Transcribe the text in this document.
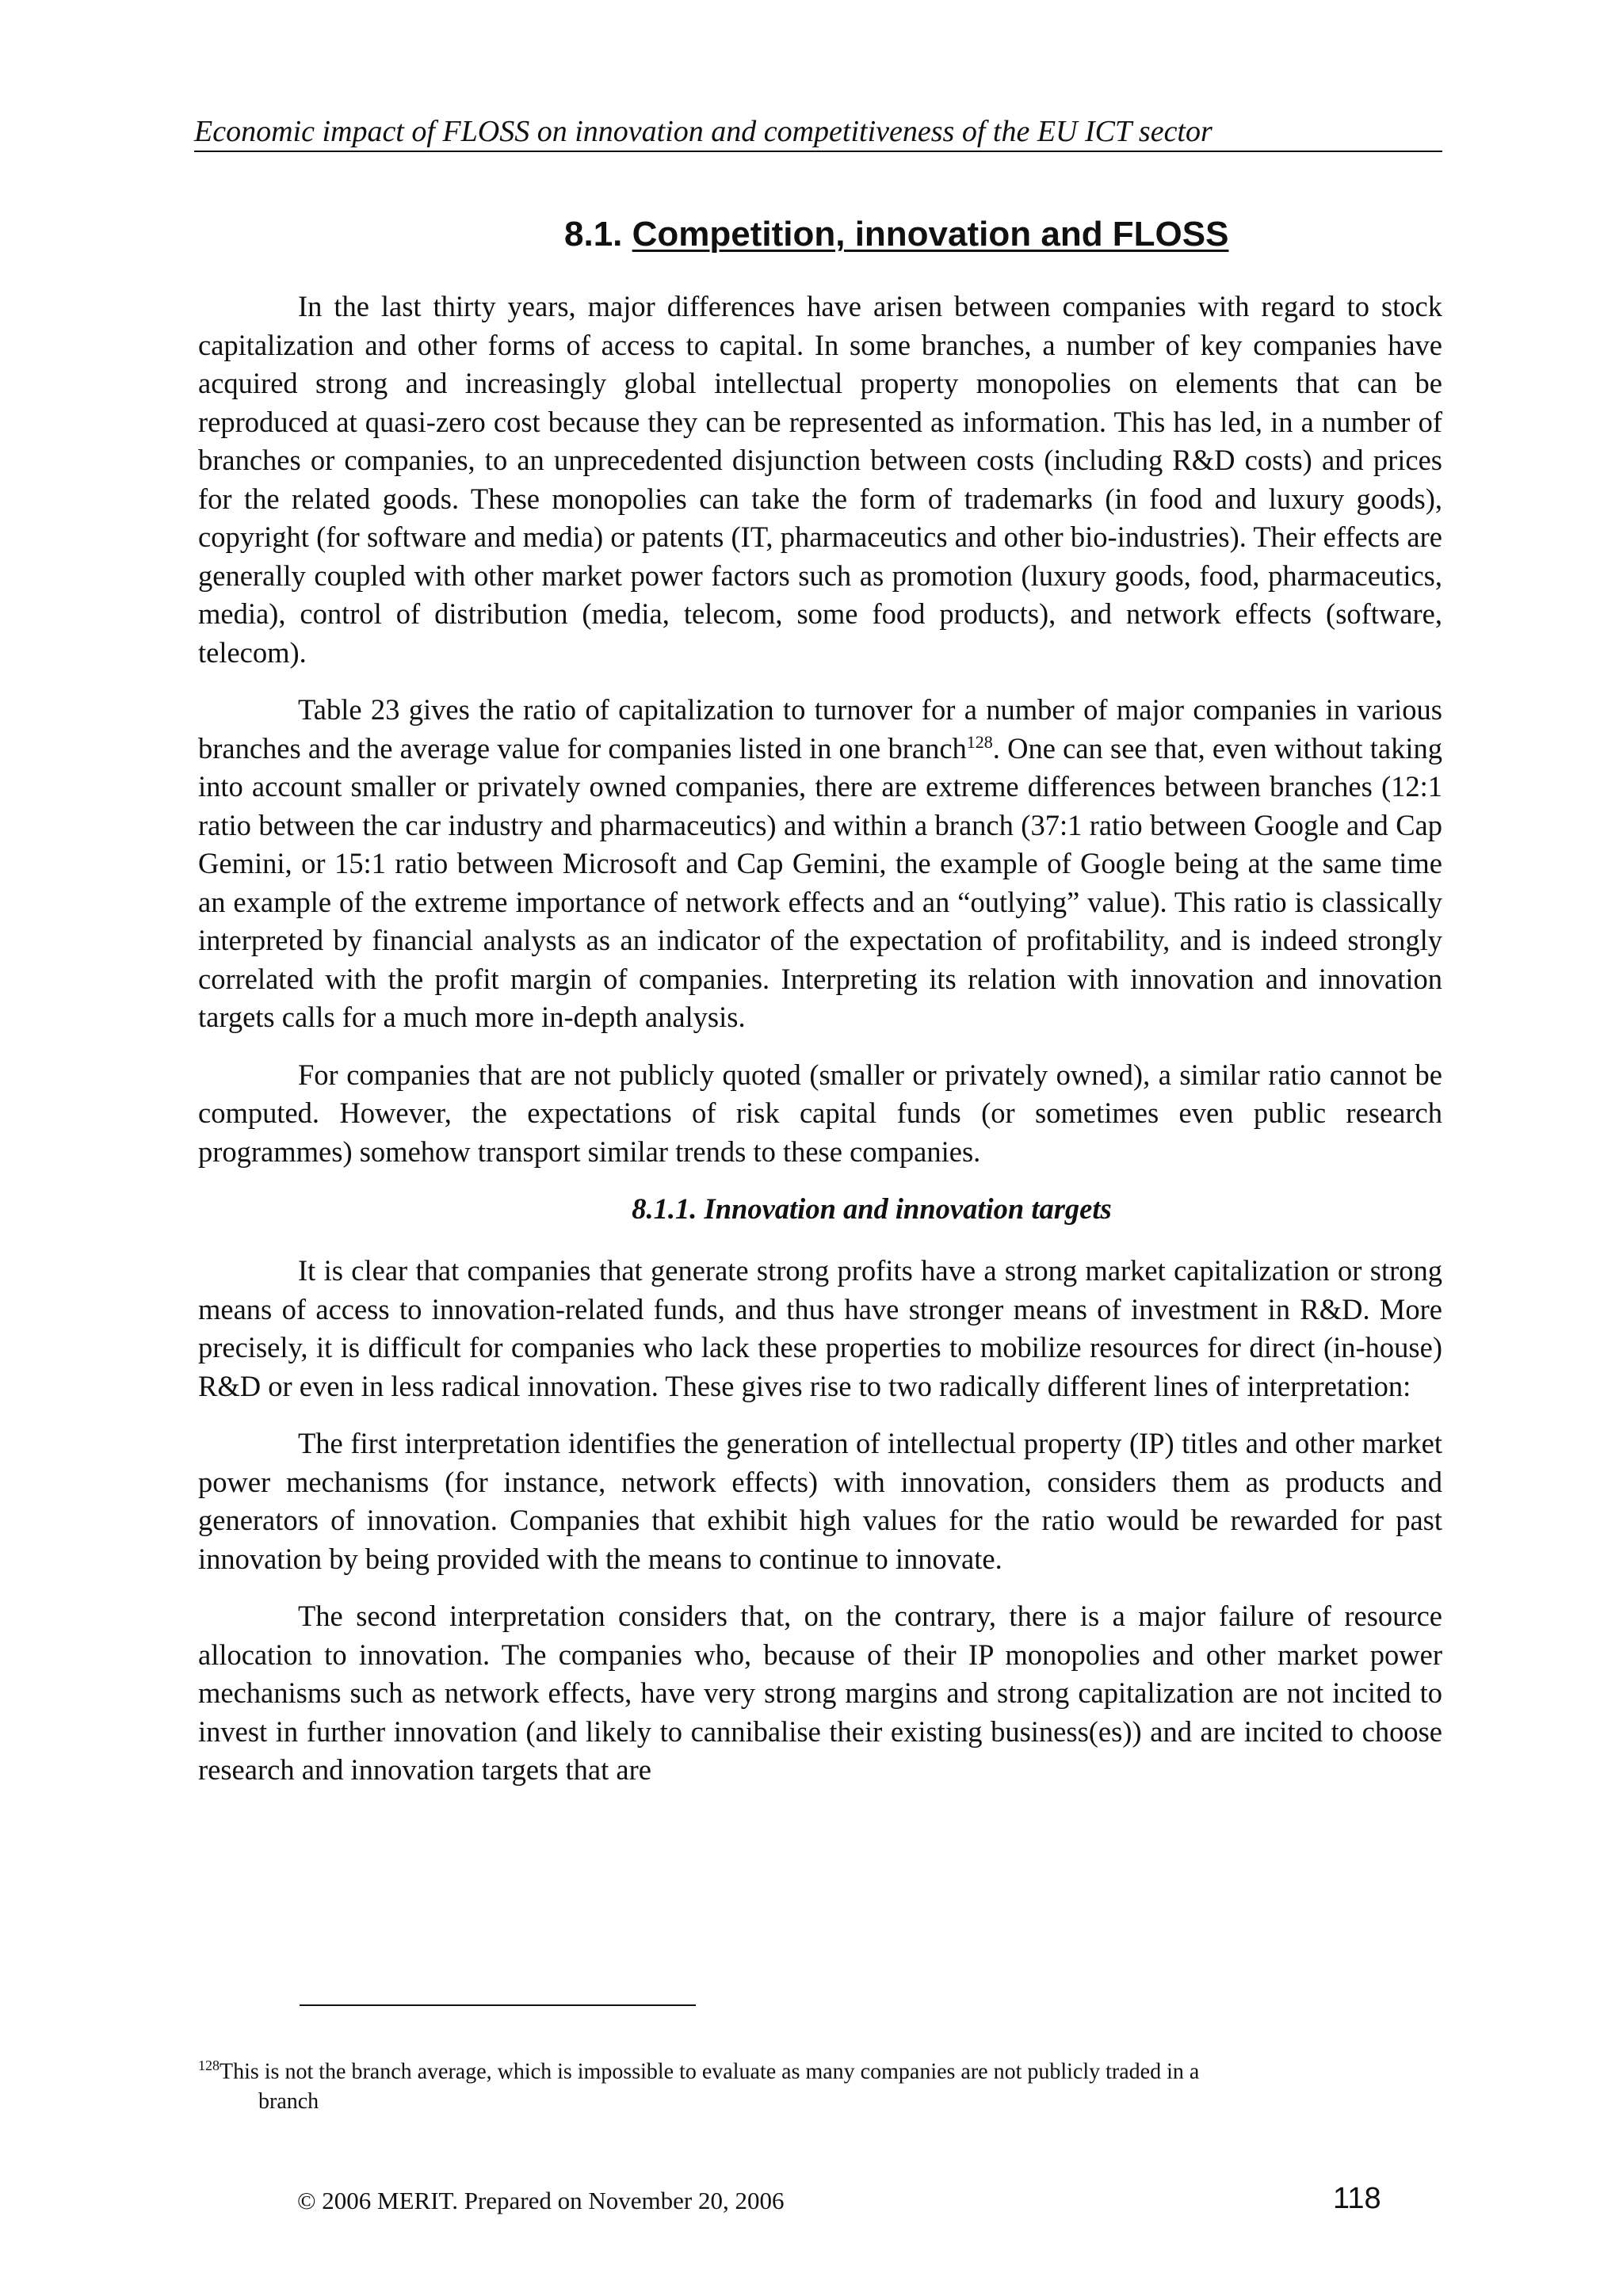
Economic impact of FLOSS on innovation and competitiveness of the EU ICT sector
8.1. Competition, innovation and FLOSS

In the last thirty years, major differences have arisen between companies with regard to stock capitalization and other forms of access to capital. In some branches, a number of key companies have acquired strong and increasingly global intellectual property monopolies on elements that can be reproduced at quasi-zero cost because they can be represented as information. This has led, in a number of branches or companies, to an unprecedented disjunction between costs (including R&D costs) and prices for the related goods. These monopolies can take the form of trademarks (in food and luxury goods), copyright (for software and media) or patents (IT, pharmaceutics and other bio-industries). Their effects are generally coupled with other market power factors such as promotion (luxury goods, food, pharmaceutics, media), control of distribution (media, telecom, some food products), and network effects (software, telecom).

Table 23 gives the ratio of capitalization to turnover for a number of major companies in various branches and the average value for companies listed in one branch$^{128}$. One can see that, even without taking into account smaller or privately owned companies, there are extreme differences between branches (12:1 ratio between the car industry and pharmaceutics) and within a branch (37:1 ratio between Google and Cap Gemini, or 15:1 ratio between Microsoft and Cap Gemini, the example of Google being at the same time an example of the extreme importance of network effects and an “outlying” value). This ratio is classically interpreted by financial analysts as an indicator of the expectation of profitability, and is indeed strongly correlated with the profit margin of companies. Interpreting its relation with innovation and innovation targets calls for a much more in-depth analysis.

For companies that are not publicly quoted (smaller or privately owned), a similar ratio cannot be computed. However, the expectations of risk capital funds (or sometimes even public research programmes) somehow transport similar trends to these companies.

8.1.1. Innovation and innovation targets

It is clear that companies that generate strong profits have a strong market capitalization or strong means of access to innovation-related funds, and thus have stronger means of investment in R&D. More precisely, it is difficult for companies who lack these properties to mobilize resources for direct (in-house) R&D or even in less radical innovation. These gives rise to two radically different lines of interpretation:

The first interpretation identifies the generation of intellectual property (IP) titles and other market power mechanisms (for instance, network effects) with innovation, considers them as products and generators of innovation. Companies that exhibit high values for the ratio would be rewarded for past innovation by being provided with the means to continue to innovate.

The second interpretation considers that, on the contrary, there is a major failure of resource allocation to innovation. The companies who, because of their IP monopolies and other market power mechanisms such as network effects, have very strong margins and strong capitalization are not incited to invest in further innovation (and likely to cannibalise their existing business(es)) and are incited to choose research and innovation targets that are

$^{128}$This is not the branch average, which is impossible to evaluate as many companies are not publicly traded in a
branch
© 2006 MERIT. Prepared on November 20, 2006	118
